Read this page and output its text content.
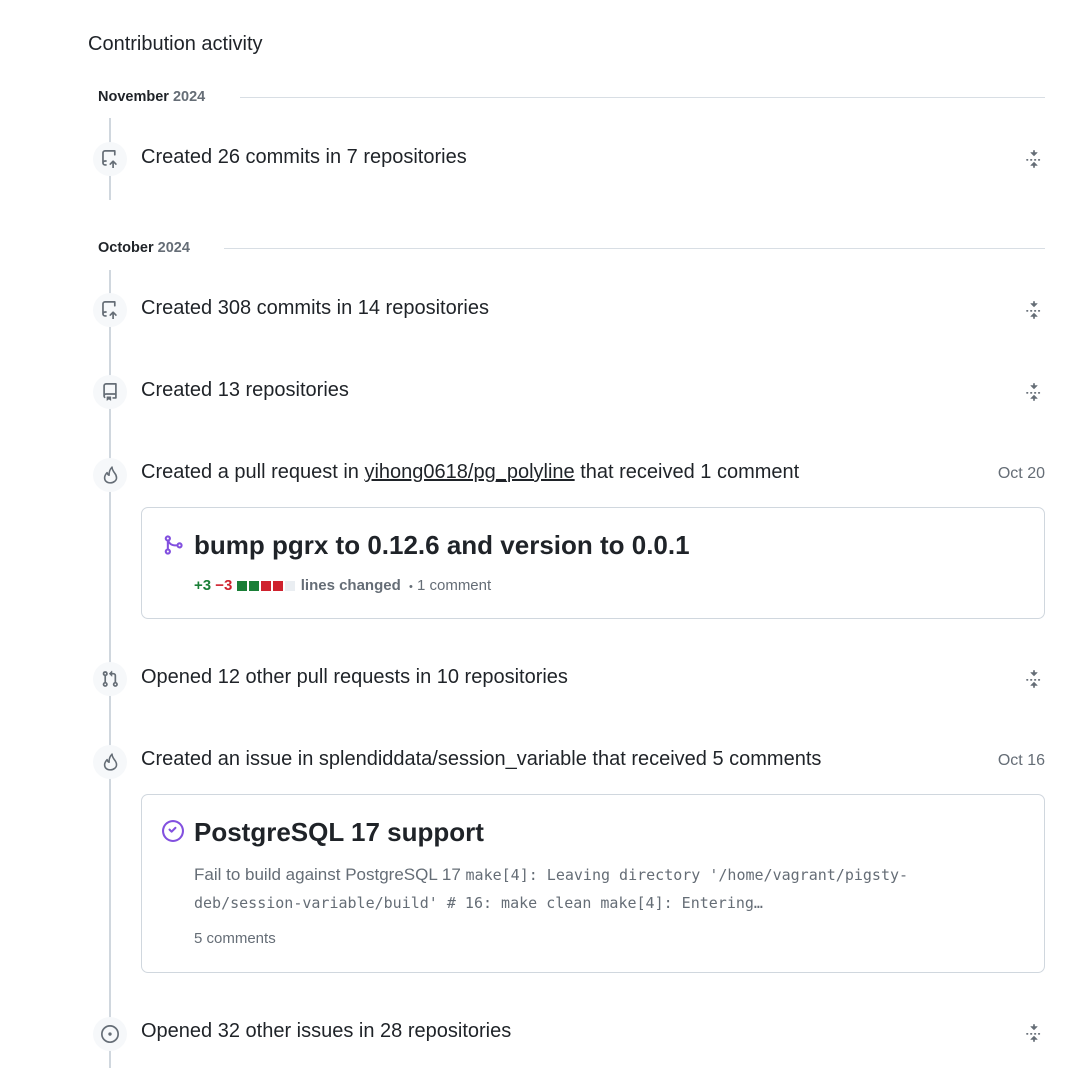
Contribution activity
November 2024
Created 26 commits in 7 repositories
October 2024
Created 308 commits in 14 repositories
Created 13 repositories
Created a pull request in yihong0618/pg_polyline that received 1 comment	Oct 20
bump pgrx to 0.12.6 and version to 0.0.1
+3 −3	lines changed • 1 comment
Opened 12 other pull requests in 10 repositories
Created an issue in splendiddata/session_variable that received 5 comments	Oct 16
PostgreSQL 17 support
Fail to build against PostgreSQL 17 make[4]: Leaving directory '/home/vagrant/pigsty-
deb/session-variable/build' # 16: make clean make[4]: Entering…
5 comments
Opened 32 other issues in 28 repositories
